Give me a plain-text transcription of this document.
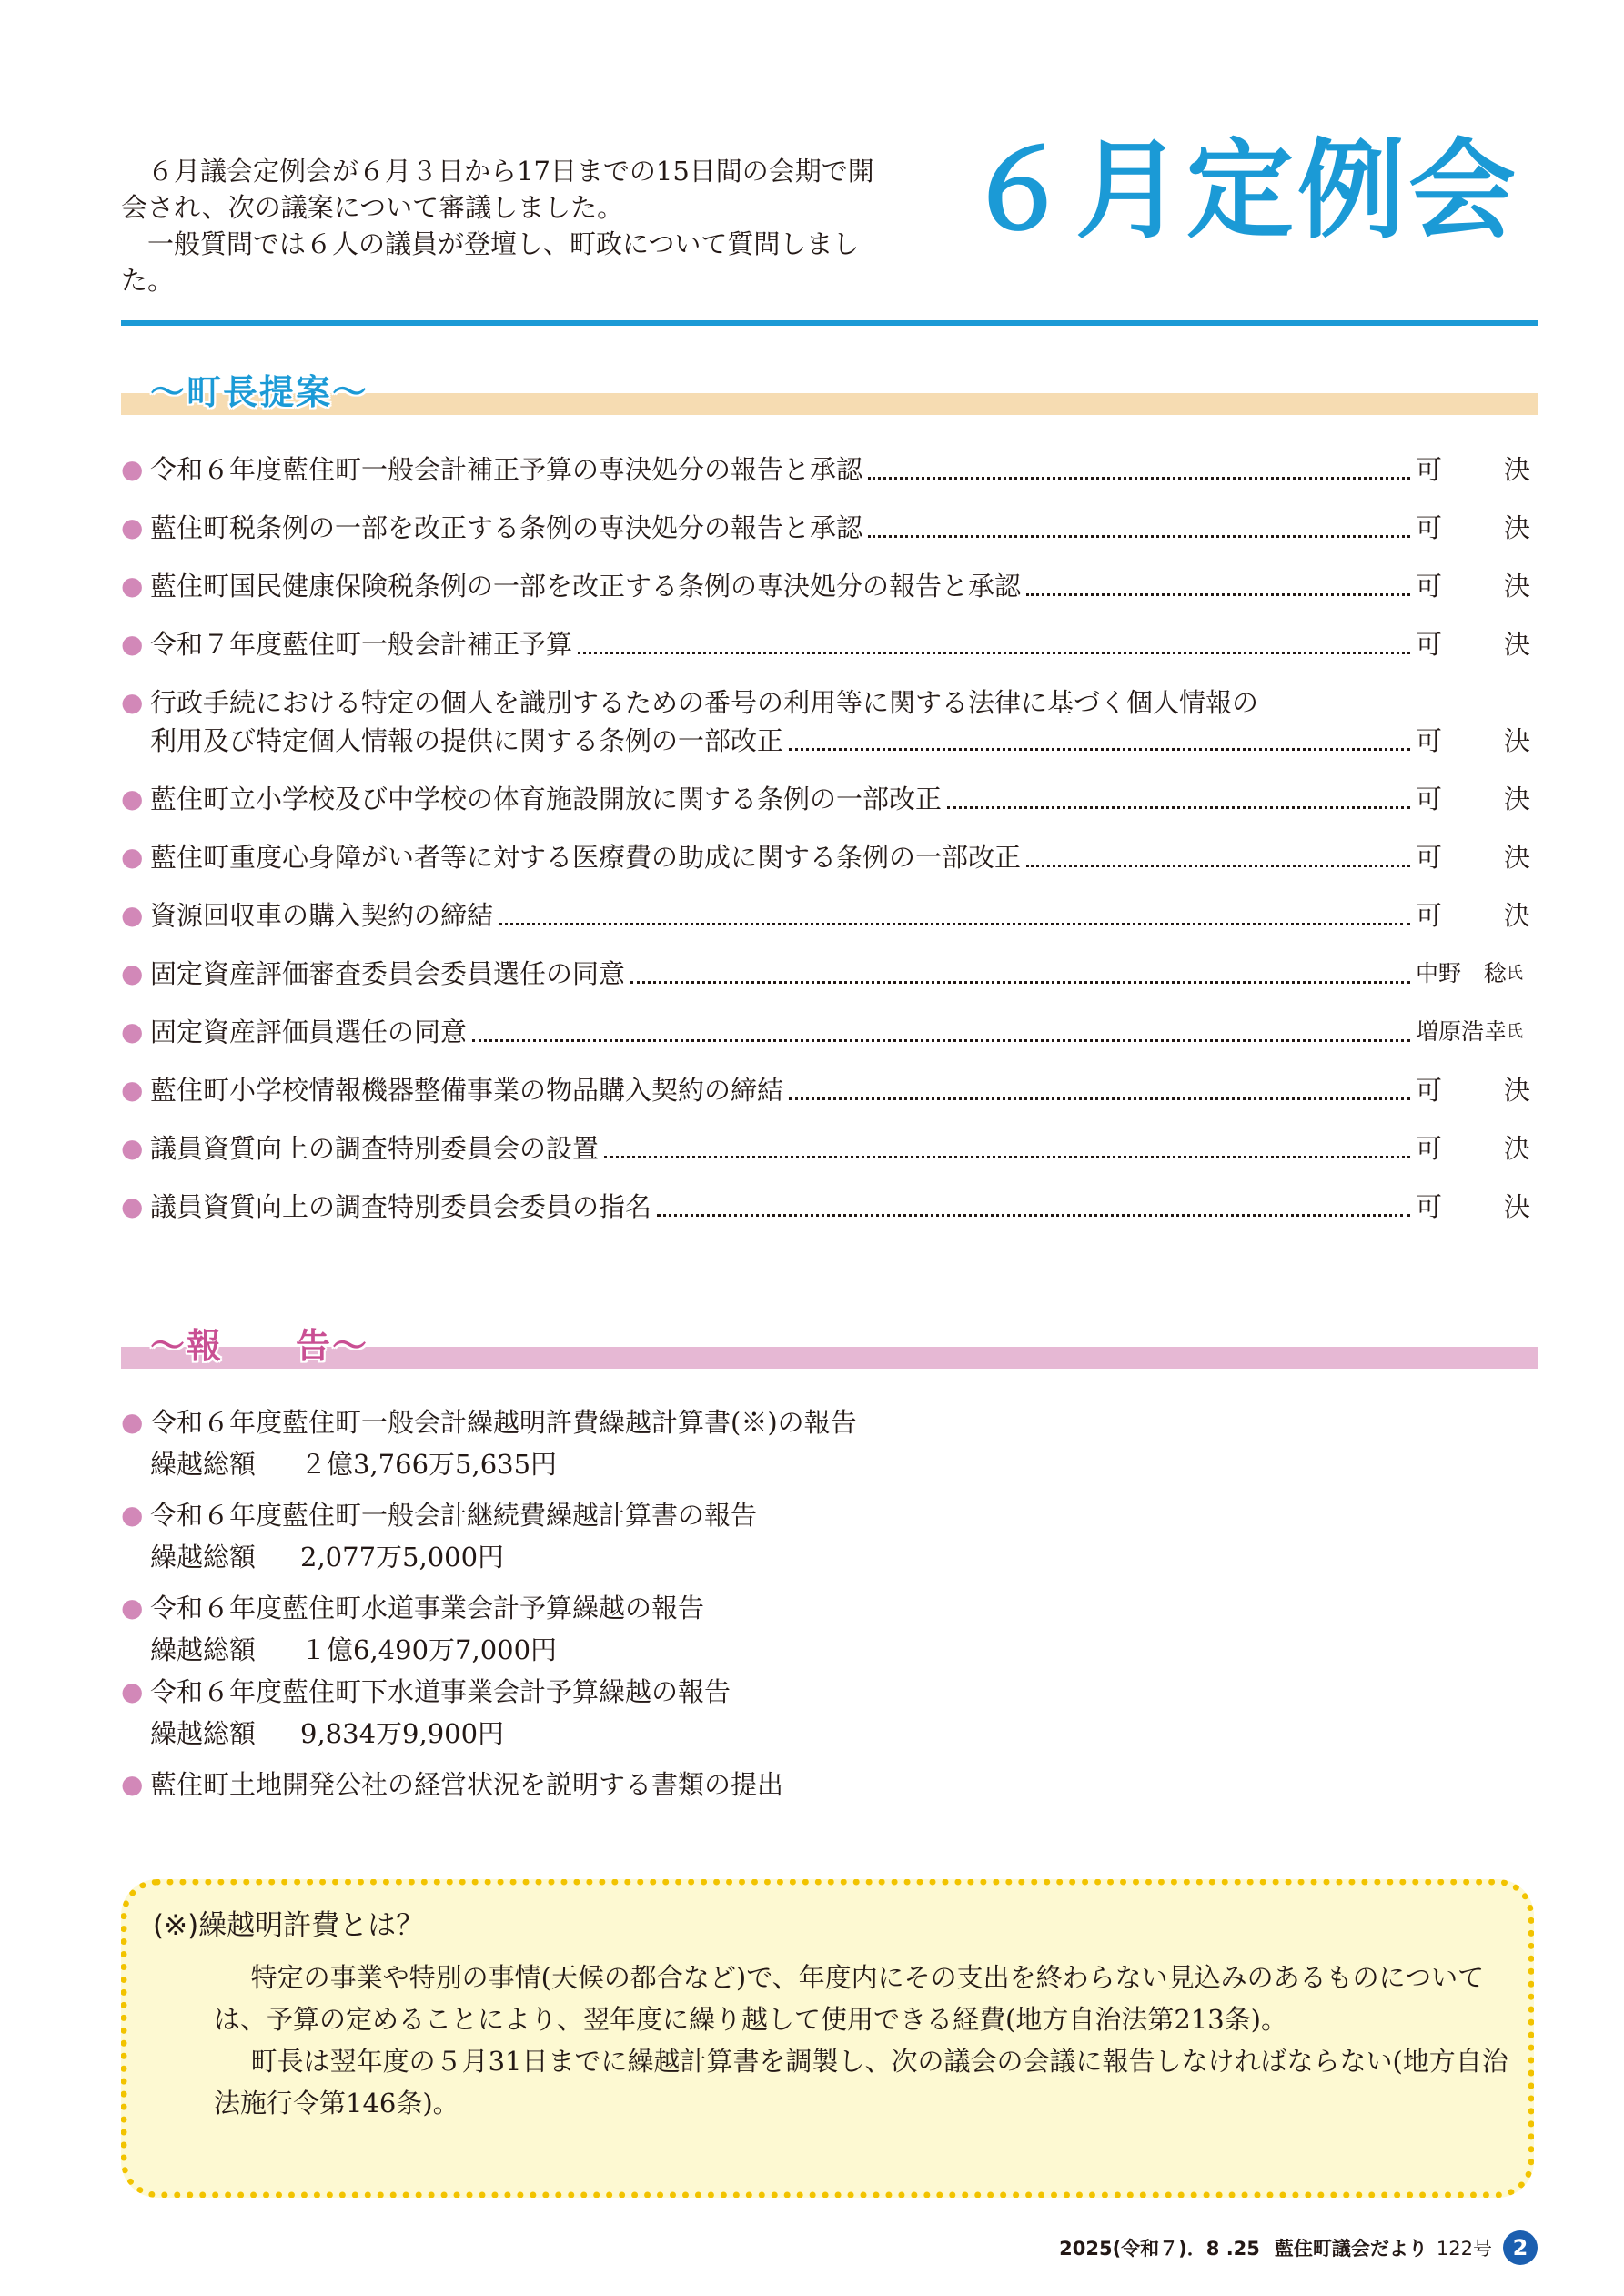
６月議会定例会が６月３日から17日までの15日間の会期で開会され、次の議案について審議しました。

一般質問では６人の議員が登壇し、町政について質問しました。

６月定例会
～町長提案～
● 令和６年度藍住町一般会計補正予算の専決処分の報告と承認	可 決
● 藍住町税条例の一部を改正する条例の専決処分の報告と承認	可 決
● 藍住町国民健康保険税条例の一部を改正する条例の専決処分の報告と承認	可 決
● 令和７年度藍住町一般会計補正予算	可 決
● 行政手続における特定の個人を識別するための番号の利用等に関する法律に基づく個人情報の
利用及び特定個人情報の提供に関する条例の一部改正	可 決
● 藍住町立小学校及び中学校の体育施設開放に関する条例の一部改正	可 決
● 藍住町重度心身障がい者等に対する医療費の助成に関する条例の一部改正	可 決
● 資源回収車の購入契約の締結	可 決
● 固定資産評価審査委員会委員選任の同意	中野　稔 氏
● 固定資産評価員選任の同意	増原浩幸 氏
● 藍住町小学校情報機器整備事業の物品購入契約の締結	可 決
● 議員資質向上の調査特別委員会の設置	可 決
● 議員資質向上の調査特別委員会委員の指名	可 決
～報　　告～
● 令和６年度藍住町一般会計繰越明許費繰越計算書(※)の報告
繰越総額 ２億3,766万5,635円
● 令和６年度藍住町一般会計継続費繰越計算書の報告
繰越総額 2,077万5,000円
● 令和６年度藍住町水道事業会計予算繰越の報告
繰越総額 １億6,490万7,000円
● 令和６年度藍住町下水道事業会計予算繰越の報告
繰越総額 9,834万9,900円
● 藍住町土地開発公社の経営状況を説明する書類の提出
(※)繰越明許費とは？

特定の事業や特別の事情(天候の都合など)で、年度内にその支出を終わらない見込みのあるものについては、予算の定めることにより、翌年度に繰り越して使用できる経費(地方自治法第213条)。

町長は翌年度の５月31日までに繰越計算書を調製し、次の議会の会議に報告しなければならない(地方自治法施行令第146条)。

2025(令和７)．8 .25 藍住町議会だより 122号 2
